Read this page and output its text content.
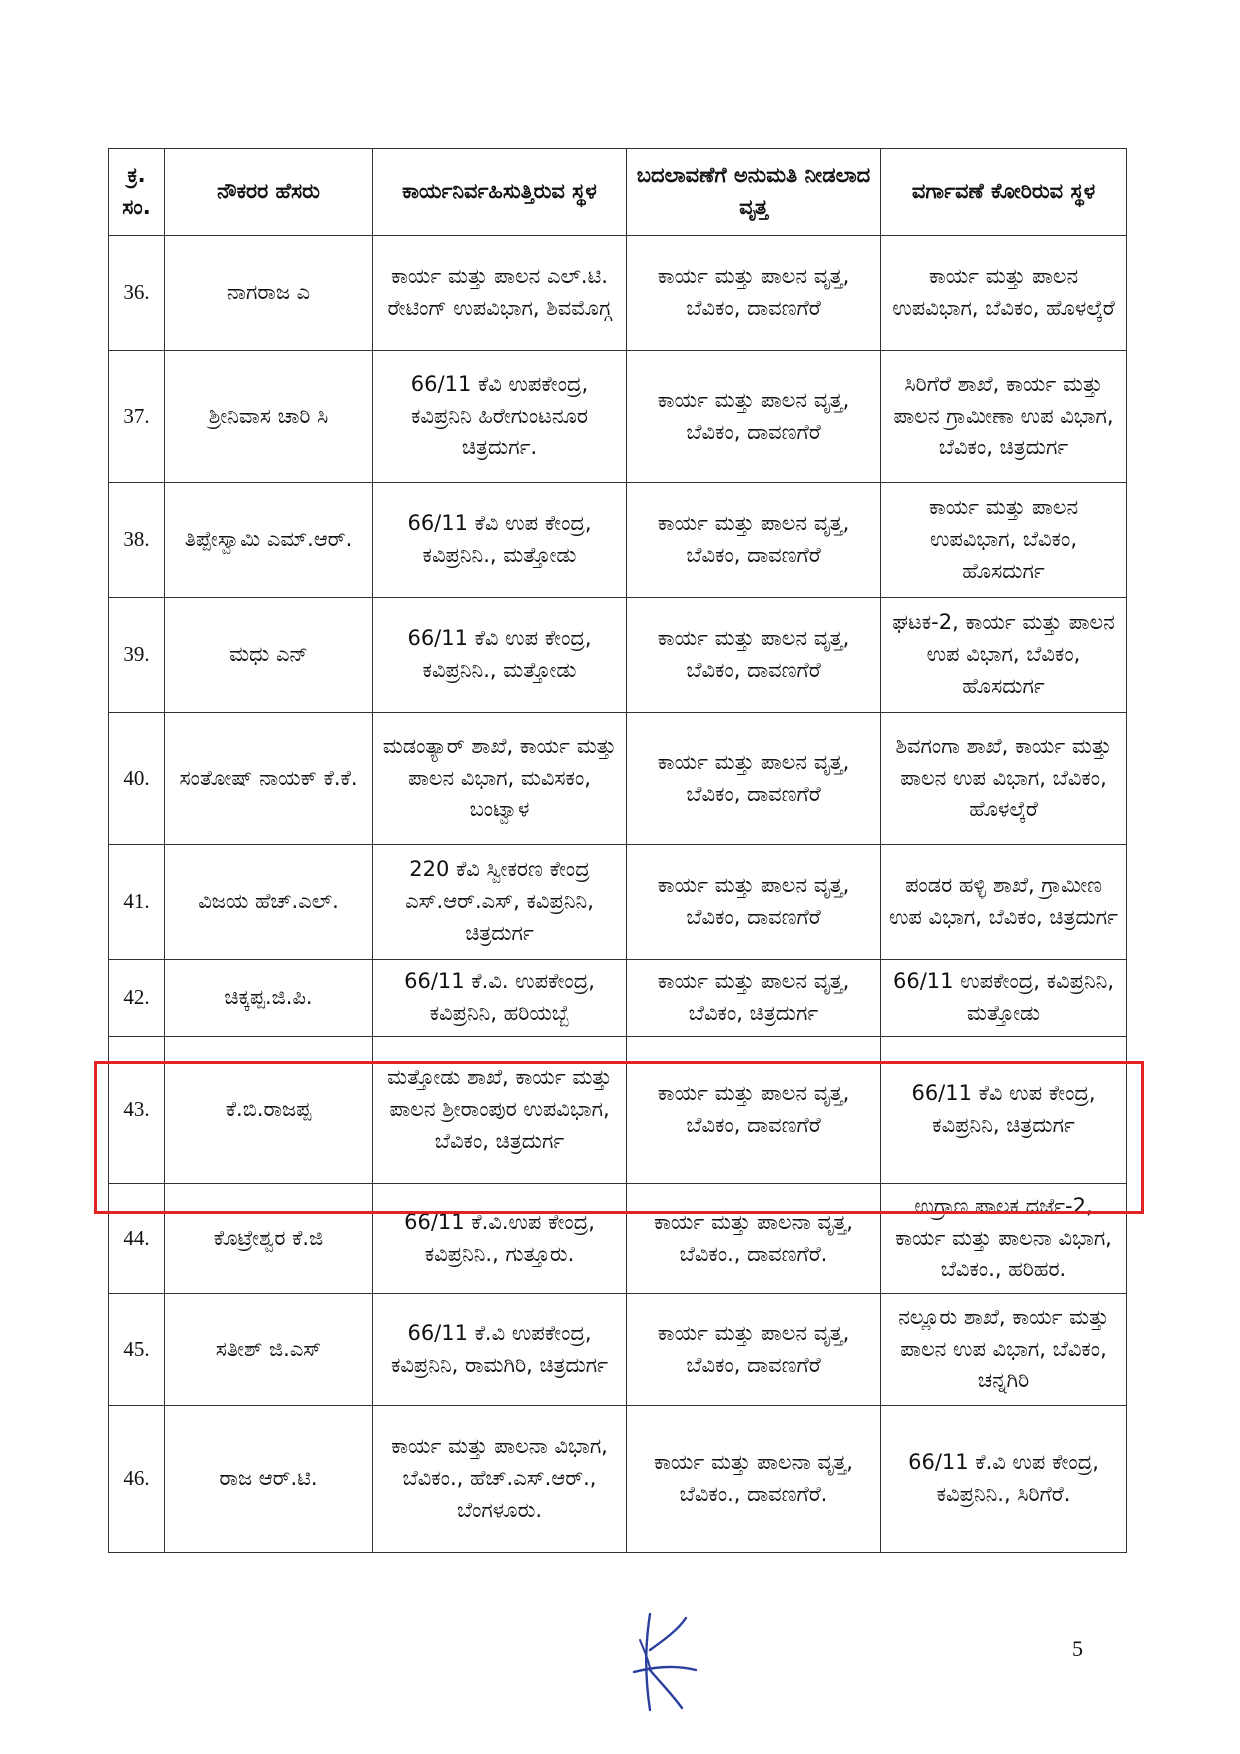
ಕ್ರ. ಸಂ.	ನೌಕರರ ಹೆಸರು	ಕಾರ್ಯನಿರ್ವಹಿಸುತ್ತಿರುವ ಸ್ಥಳ	ಬದಲಾವಣೆಗೆ ಅನುಮತಿ ನೀಡಲಾದ ವೃತ್ತ	ವರ್ಗಾವಣೆ ಕೋರಿರುವ ಸ್ಥಳ
36.	ನಾಗರಾಜ ಎ	ಕಾರ್ಯ ಮತ್ತು ಪಾಲನ ಎಲ್.ಟಿ. ರೇಟಿಂಗ್ ಉಪವಿಭಾಗ, ಶಿವಮೊಗ್ಗ	ಕಾರ್ಯ ಮತ್ತು ಪಾಲನ ವೃತ್ತ, ಬೆವಿಕಂ, ದಾವಣಗೆರೆ	ಕಾರ್ಯ ಮತ್ತು ಪಾಲನ ಉಪವಿಭಾಗ, ಬೆವಿಕಂ, ಹೊಳಲ್ಕೆರೆ
37.	ಶ್ರೀನಿವಾಸ ಚಾರಿ ಸಿ	66/11 ಕೆವಿ ಉಪಕೇಂದ್ರ, ಕವಿಪ್ರನಿನಿ ಹಿರೇಗುಂಟನೂರ ಚಿತ್ರದುರ್ಗ.	ಕಾರ್ಯ ಮತ್ತು ಪಾಲನ ವೃತ್ತ, ಬೆವಿಕಂ, ದಾವಣಗೆರೆ	ಸಿರಿಗೆರೆ ಶಾಖೆ, ಕಾರ್ಯ ಮತ್ತು ಪಾಲನ ಗ್ರಾಮೀಣಾ ಉಪ ವಿಭಾಗ, ಬೆವಿಕಂ, ಚಿತ್ರದುರ್ಗ
38.	ತಿಪ್ಪೇಸ್ವಾಮಿ ಎಮ್.ಆರ್.	66/11 ಕೆವಿ ಉಪ ಕೇಂದ್ರ, ಕವಿಪ್ರನಿನಿ., ಮತ್ತೋಡು	ಕಾರ್ಯ ಮತ್ತು ಪಾಲನ ವೃತ್ತ, ಬೆವಿಕಂ, ದಾವಣಗೆರೆ	ಕಾರ್ಯ ಮತ್ತು ಪಾಲನ ಉಪವಿಭಾಗ, ಬೆವಿಕಂ, ಹೊಸದುರ್ಗ
39.	ಮಧು ಎನ್	66/11 ಕೆವಿ ಉಪ ಕೇಂದ್ರ, ಕವಿಪ್ರನಿನಿ., ಮತ್ತೋಡು	ಕಾರ್ಯ ಮತ್ತು ಪಾಲನ ವೃತ್ತ, ಬೆವಿಕಂ, ದಾವಣಗೆರೆ	ಘಟಕ-2, ಕಾರ್ಯ ಮತ್ತು ಪಾಲನ ಉಪ ವಿಭಾಗ, ಬೆವಿಕಂ, ಹೊಸದುರ್ಗ
40.	ಸಂತೋಷ್ ನಾಯಕ್ ಕೆ.ಕೆ.	ಮಡಂತ್ಯಾರ್ ಶಾಖೆ, ಕಾರ್ಯ ಮತ್ತು ಪಾಲನ ವಿಭಾಗ, ಮವಿಸಕಂ, ಬಂಟ್ವಾಳ	ಕಾರ್ಯ ಮತ್ತು ಪಾಲನ ವೃತ್ತ, ಬೆವಿಕಂ, ದಾವಣಗೆರೆ	ಶಿವಗಂಗಾ ಶಾಖೆ, ಕಾರ್ಯ ಮತ್ತು ಪಾಲನ ಉಪ ವಿಭಾಗ, ಬೆವಿಕಂ, ಹೊಳಲ್ಕೆರೆ
41.	ವಿಜಯ ಹೆಚ್.ಎಲ್.	220 ಕೆವಿ ಸ್ವೀಕರಣ ಕೇಂದ್ರ ಎಸ್.ಆರ್.ಎಸ್, ಕವಿಪ್ರನಿನಿ, ಚಿತ್ರದುರ್ಗ	ಕಾರ್ಯ ಮತ್ತು ಪಾಲನ ವೃತ್ತ, ಬೆವಿಕಂ, ದಾವಣಗೆರೆ	ಪಂಡರ ಹಳ್ಳಿ ಶಾಖೆ, ಗ್ರಾಮೀಣ ಉಪ ವಿಭಾಗ, ಬೆವಿಕಂ, ಚಿತ್ರದುರ್ಗ
42.	ಚಿಕ್ಕಪ್ಪ.ಜಿ.ಪಿ.	66/11 ಕೆ.ವಿ. ಉಪಕೇಂದ್ರ, ಕವಿಪ್ರನಿನಿ, ಹರಿಯಬ್ಬೆ	ಕಾರ್ಯ ಮತ್ತು ಪಾಲನ ವೃತ್ತ, ಬೆವಿಕಂ, ಚಿತ್ರದುರ್ಗ	66/11 ಉಪಕೇಂದ್ರ, ಕವಿಪ್ರನಿನಿ, ಮತ್ತೋಡು
43.	ಕೆ.ಬಿ.ರಾಜಪ್ಪ	ಮತ್ತೋಡು ಶಾಖೆ, ಕಾರ್ಯ ಮತ್ತು ಪಾಲನ ಶ್ರೀರಾಂಪುರ ಉಪವಿಭಾಗ, ಬೆವಿಕಂ, ಚಿತ್ರದುರ್ಗ	ಕಾರ್ಯ ಮತ್ತು ಪಾಲನ ವೃತ್ತ, ಬೆವಿಕಂ, ದಾವಣಗೆರೆ	66/11 ಕೆವಿ ಉಪ ಕೇಂದ್ರ, ಕವಿಪ್ರನಿನಿ, ಚಿತ್ರದುರ್ಗ
44.	ಕೊಟ್ರೇಶ್ವರ ಕೆ.ಜಿ	66/11 ಕೆ.ವಿ.ಉಪ ಕೇಂದ್ರ, ಕವಿಪ್ರನಿನಿ., ಗುತ್ತೂರು.	ಕಾರ್ಯ ಮತ್ತು ಪಾಲನಾ ವೃತ್ತ, ಬೆವಿಕಂ., ದಾವಣಗೆರೆ.	ಉಗ್ರಾಣ ಪಾಲಕ ದರ್ಜೆ-2, ಕಾರ್ಯ ಮತ್ತು ಪಾಲನಾ ವಿಭಾಗ, ಬೆವಿಕಂ., ಹರಿಹರ.
45.	ಸತೀಶ್ ಜಿ.ಎಸ್	66/11 ಕೆ.ವಿ ಉಪಕೇಂದ್ರ, ಕವಿಪ್ರನಿನಿ, ರಾಮಗಿರಿ, ಚಿತ್ರದುರ್ಗ	ಕಾರ್ಯ ಮತ್ತು ಪಾಲನ ವೃತ್ತ, ಬೆವಿಕಂ, ದಾವಣಗೆರೆ	ನಲ್ಲೂರು ಶಾಖೆ, ಕಾರ್ಯ ಮತ್ತು ಪಾಲನ ಉಪ ವಿಭಾಗ, ಬೆವಿಕಂ, ಚನ್ನಗಿರಿ
46.	ರಾಜ ಆರ್.ಟಿ.	ಕಾರ್ಯ ಮತ್ತು ಪಾಲನಾ ವಿಭಾಗ, ಬೆವಿಕಂ., ಹೆಚ್.ಎಸ್.ಆರ್., ಬೆಂಗಳೂರು.	ಕಾರ್ಯ ಮತ್ತು ಪಾಲನಾ ವೃತ್ತ, ಬೆವಿಕಂ., ದಾವಣಗೆರೆ.	66/11 ಕೆ.ವಿ ಉಪ ಕೇಂದ್ರ, ಕವಿಪ್ರನಿನಿ., ಸಿರಿಗೆರೆ.
5
